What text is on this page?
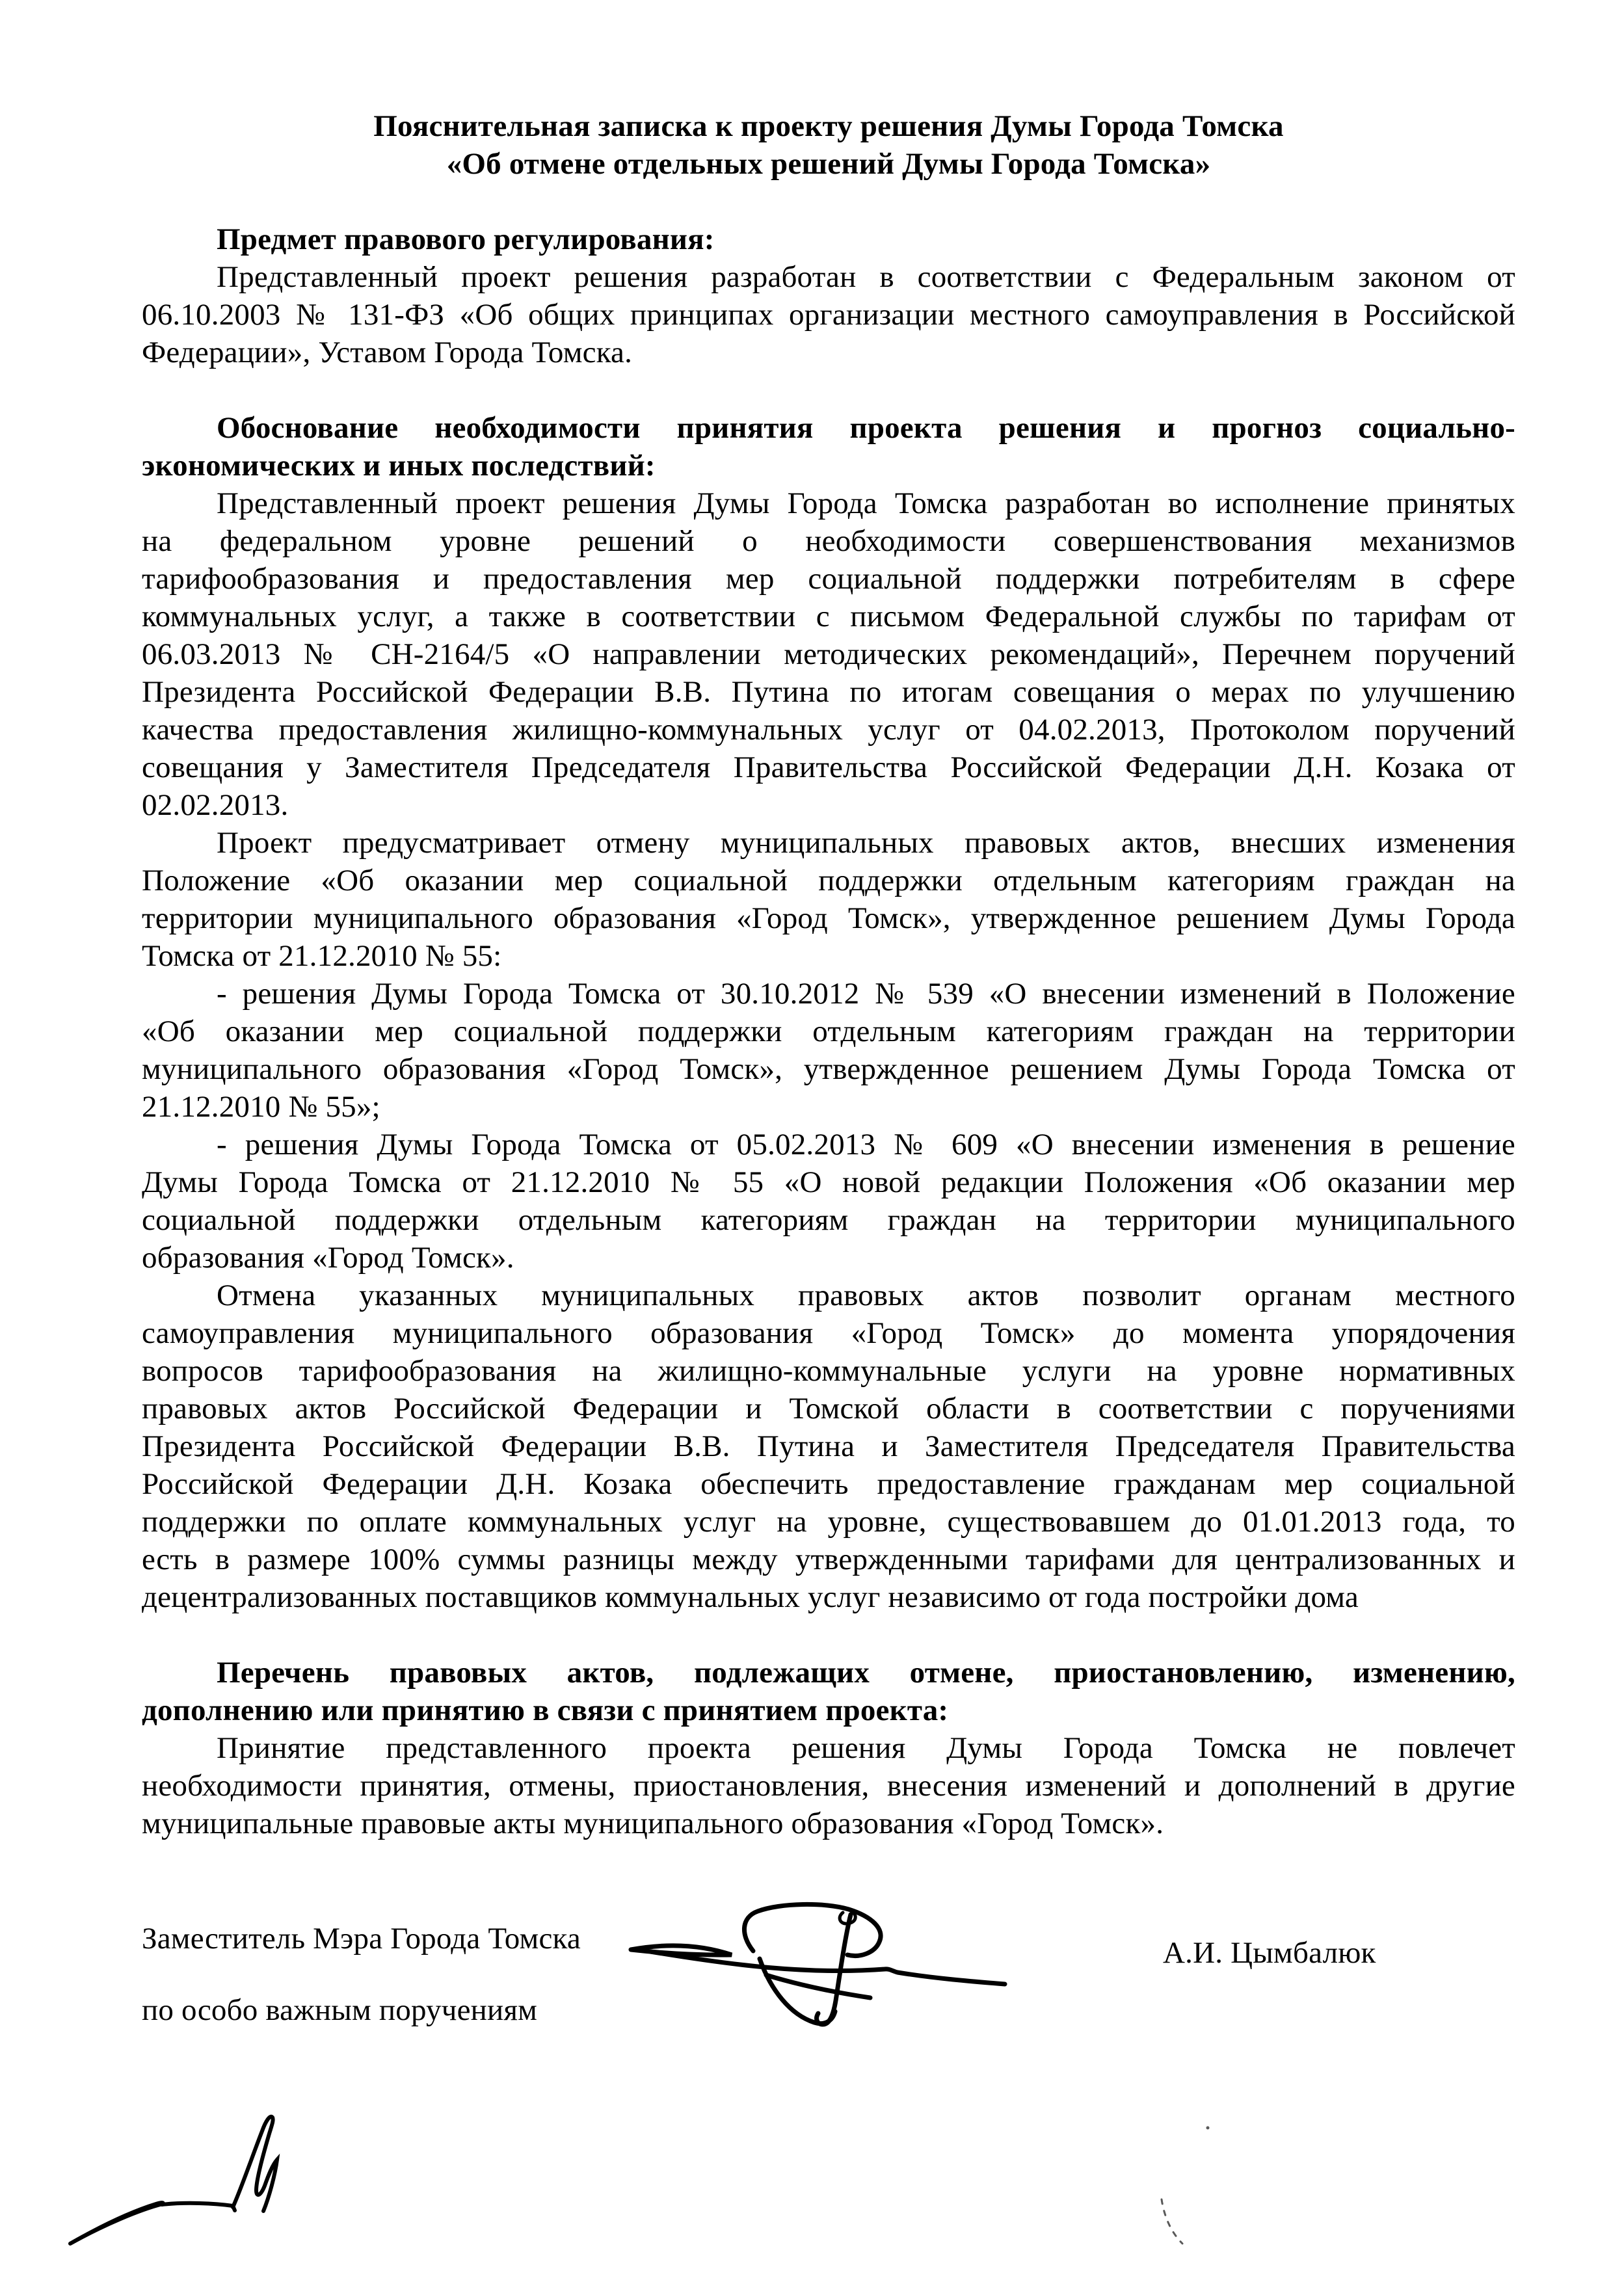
Пояснительная записка к проекту решения Думы Города Томска
«Об отмене отдельных решений Думы Города Томска»
Предмет правового регулирования:
Представленный проект решения разработан в соответствии с Федеральным законом от
06.10.2003 № 131-ФЗ «Об общих принципах организации местного самоуправления в Российской
Федерации», Уставом Города Томска.
Обоснование необходимости принятия проекта решения и прогноз социально-
экономических и иных последствий:
Представленный проект решения Думы Города Томска разработан во исполнение принятых
на федеральном уровне решений о необходимости совершенствования механизмов
тарифообразования и предоставления мер социальной поддержки потребителям в сфере
коммунальных услуг, а также в соответствии с письмом Федеральной службы по тарифам от
06.03.2013 № СН-2164/5 «О направлении методических рекомендаций», Перечнем поручений
Президента Российской Федерации В.В. Путина по итогам совещания о мерах по улучшению
качества предоставления жилищно-коммунальных услуг от 04.02.2013, Протоколом поручений
совещания у Заместителя Председателя Правительства Российской Федерации Д.Н. Козака от
02.02.2013.
Проект предусматривает отмену муниципальных правовых актов, внесших изменения
Положение «Об оказании мер социальной поддержки отдельным категориям граждан на
территории муниципального образования «Город Томск», утвержденное решением Думы Города
Томска от 21.12.2010 № 55:
- решения Думы Города Томска от 30.10.2012 № 539 «О внесении изменений в Положение
«Об оказании мер социальной поддержки отдельным категориям граждан на территории
муниципального образования «Город Томск», утвержденное решением Думы Города Томска от
21.12.2010 № 55»;
- решения Думы Города Томска от 05.02.2013 № 609 «О внесении изменения в решение
Думы Города Томска от 21.12.2010 № 55 «О новой редакции Положения «Об оказании мер
социальной поддержки отдельным категориям граждан на территории муниципального
образования «Город Томск».
Отмена указанных муниципальных правовых актов позволит органам местного
самоуправления муниципального образования «Город Томск» до момента упорядочения
вопросов тарифообразования на жилищно-коммунальные услуги на уровне нормативных
правовых актов Российской Федерации и Томской области в соответствии с поручениями
Президента Российской Федерации В.В. Путина и Заместителя Председателя Правительства
Российской Федерации Д.Н. Козака обеспечить предоставление гражданам мер социальной
поддержки по оплате коммунальных услуг на уровне, существовавшем до 01.01.2013 года, то
есть в размере 100% суммы разницы между утвержденными тарифами для централизованных и
децентрализованных поставщиков коммунальных услуг независимо от года постройки дома
Перечень правовых актов, подлежащих отмене, приостановлению, изменению,
дополнению или принятию в связи с принятием проекта:
Принятие представленного проекта решения Думы Города Томска не повлечет
необходимости принятия, отмены, приостановления, внесения изменений и дополнений в другие
муниципальные правовые акты муниципального образования «Город Томск».
Заместитель Мэра Города Томска
по особо важным поручениям
А.И. Цымбалюк
